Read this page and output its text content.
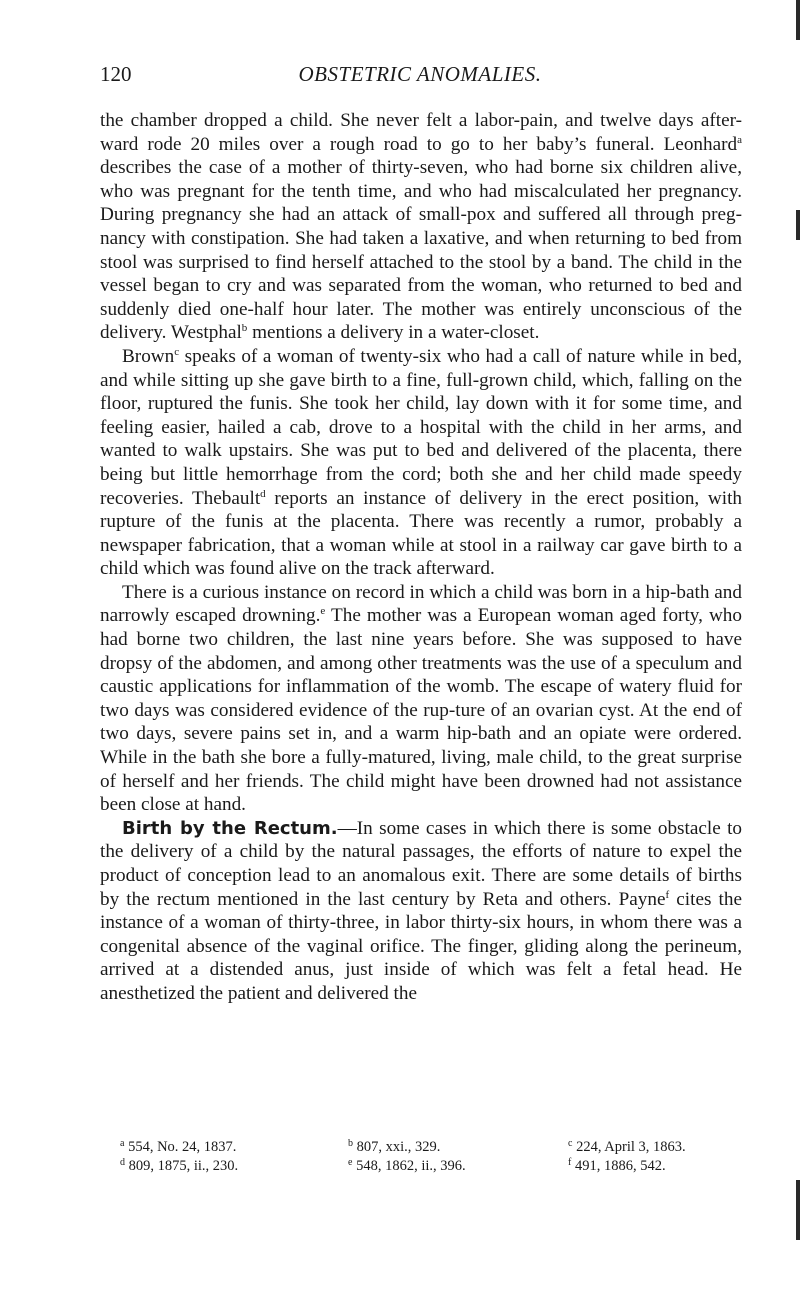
120	OBSTETRIC ANOMALIES.

the chamber dropped a child. She never felt a labor-pain, and twelve days after-ward rode 20 miles over a rough road to go to her baby’s funeral. Leonhard$^a$ describes the case of a mother of thirty-seven, who had borne six children alive, who was pregnant for the tenth time, and who had miscalculated her pregnancy. During pregnancy she had an attack of small-pox and suffered all through preg-nancy with constipation. She had taken a laxative, and when returning to bed from stool was surprised to find herself attached to the stool by a band. The child in the vessel began to cry and was separated from the woman, who returned to bed and suddenly died one-half hour later. The mother was entirely unconscious of the delivery. Westphal$^b$ mentions a delivery in a water-closet.

Brown$^c$ speaks of a woman of twenty-six who had a call of nature while in bed, and while sitting up she gave birth to a fine, full-grown child, which, falling on the floor, ruptured the funis. She took her child, lay down with it for some time, and feeling easier, hailed a cab, drove to a hospital with the child in her arms, and wanted to walk upstairs. She was put to bed and delivered of the placenta, there being but little hemorrhage from the cord; both she and her child made speedy recoveries. Thebault$^d$ reports an instance of delivery in the erect position, with rupture of the funis at the placenta. There was recently a rumor, probably a newspaper fabrication, that a woman while at stool in a railway car gave birth to a child which was found alive on the track afterward.

There is a curious instance on record in which a child was born in a hip-bath and narrowly escaped drowning.$^e$ The mother was a European woman aged forty, who had borne two children, the last nine years before. She was supposed to have dropsy of the abdomen, and among other treatments was the use of a speculum and caustic applications for inflammation of the womb. The escape of watery fluid for two days was considered evidence of the rup-ture of an ovarian cyst. At the end of two days, severe pains set in, and a warm hip-bath and an opiate were ordered. While in the bath she bore a fully-matured, living, male child, to the great surprise of herself and her friends. The child might have been drowned had not assistance been close at hand.

Birth by the Rectum.—In some cases in which there is some obstacle to the delivery of a child by the natural passages, the efforts of nature to expel the product of conception lead to an anomalous exit. There are some details of births by the rectum mentioned in the last century by Reta and others. Payne$^f$ cites the instance of a woman of thirty-three, in labor thirty-six hours, in whom there was a congenital absence of the vaginal orifice. The finger, gliding along the perineum, arrived at a distended anus, just inside of which was felt a fetal head. He anesthetized the patient and delivered the

$^a$ 554, No. 24, 1837.	$^b$ 807, xxi., 329.	$^c$ 224, April 3, 1863.
$^d$ 809, 1875, ii., 230.	$^e$ 548, 1862, ii., 396.	$^f$ 491, 1886, 542.
